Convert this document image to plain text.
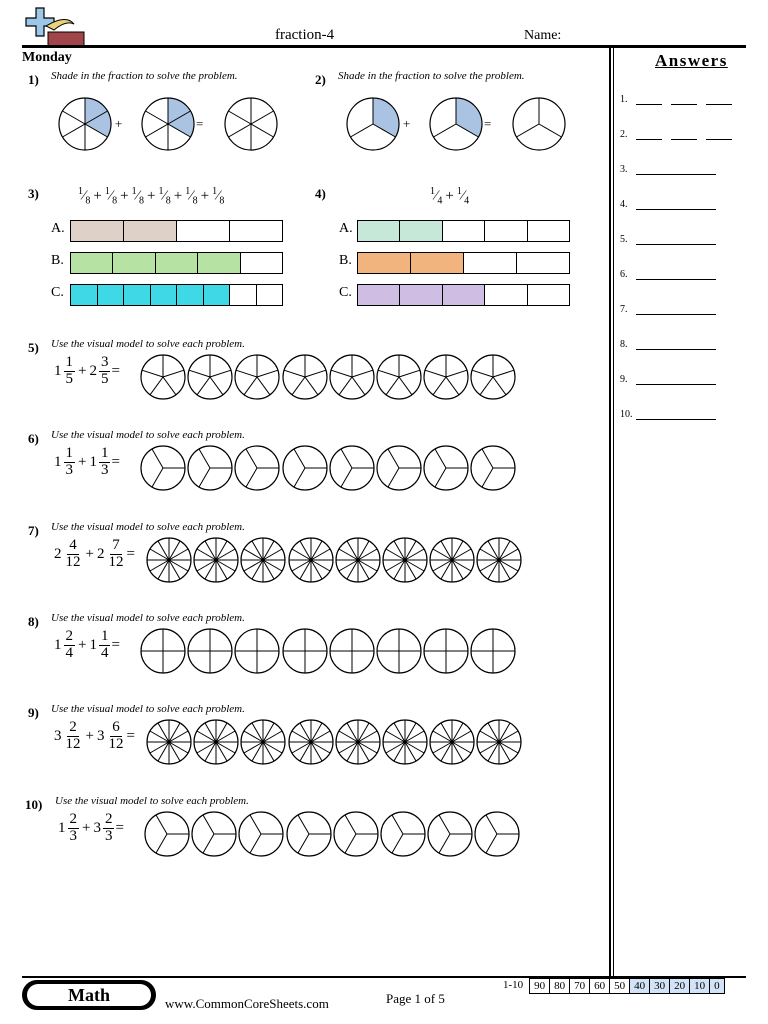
fraction-4	Name:
Monday	Answers
1.
2.
3.
4.
5.
6.
7.
8.
9.
10.
1) Shade in the fraction to solve the problem.
+	=
2) Shade in the fraction to solve the problem.
+	=
3)	4)
$^1⁄_8$ + $^1⁄_8$ + $^1⁄_8$ + $^1⁄_8$ + $^1⁄_8$ + $^1⁄_8$
A.
B.
C.
$^1⁄_4$ + $^1⁄_4$
A.
B.
C.
5) Use the visual model to solve each problem.
$1 \frac{1}{5} + 2 \frac{3}{5}$ =
6) Use the visual model to solve each problem.
$1 \frac{1}{3} + 1 \frac{1}{3}$ =
7) Use the visual model to solve each problem.
$2 \frac{4}{12} + 2 \frac{7}{12}$ =
8) Use the visual model to solve each problem.
$1 \frac{2}{4} + 1 \frac{1}{4}$ =
9) Use the visual model to solve each problem.
$3 \frac{2}{12} + 3 \frac{6}{12}$ =
10) Use the visual model to solve each problem.
$1 \frac{2}{3} + 3 \frac{2}{3}$ =
Math	www.CommonCoreSheets.com	Page 1 of 5
1-10	90 80 70 60 50 40 30 20 10 0
